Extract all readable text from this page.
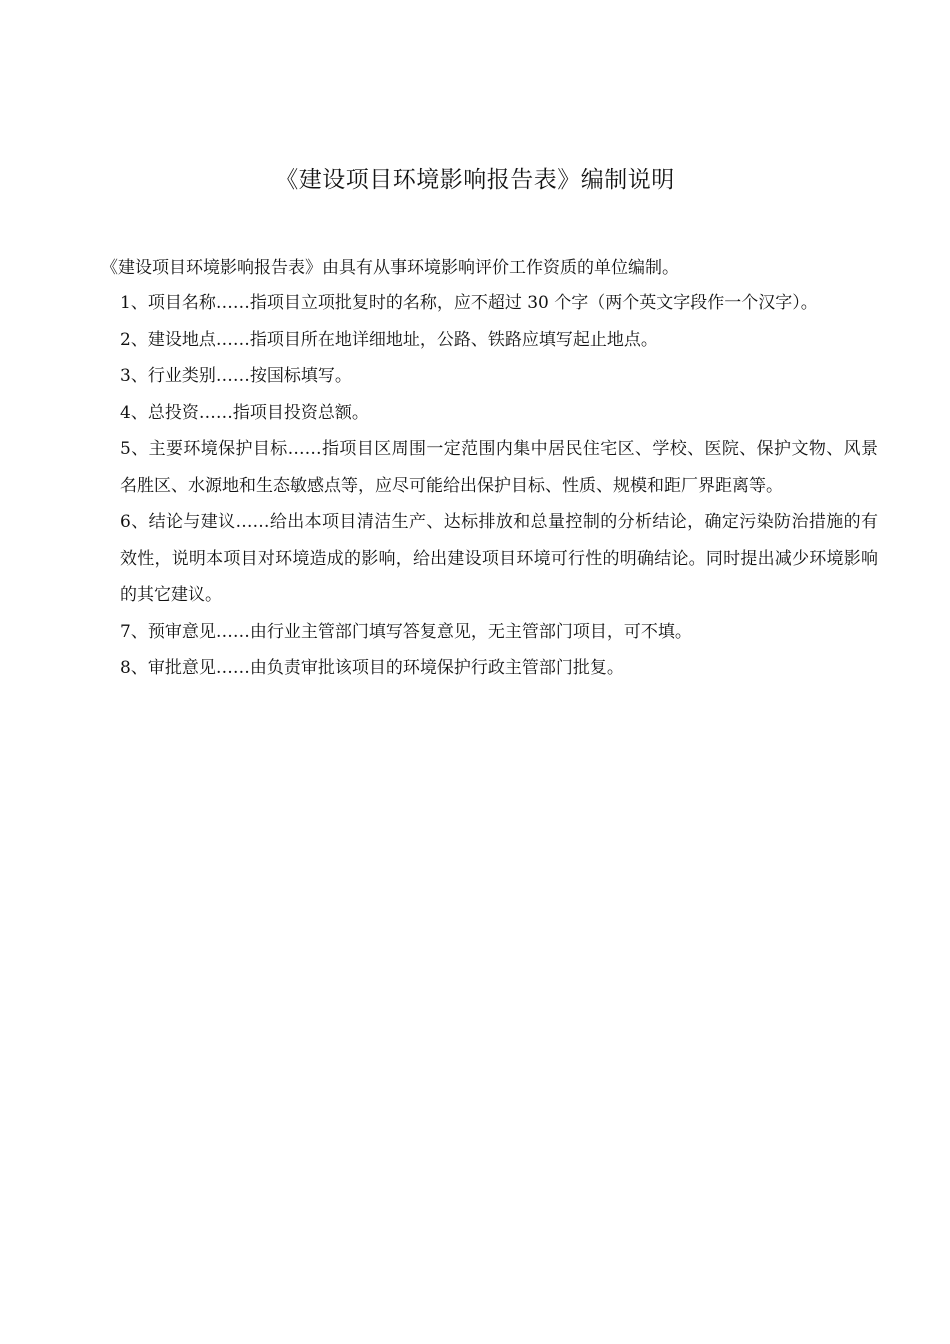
《建设项目环境影响报告表》编制说明
《建设项目环境影响报告表》由具有从事环境影响评价工作资质的单位编制。

1、项目名称……指项目立项批复时的名称，应不超过 30 个字（两个英文字段作一个汉字）。

2、建设地点……指项目所在地详细地址，公路、铁路应填写起止地点。

3、行业类别……按国标填写。

4、总投资……指项目投资总额。

5、主要环境保护目标……指项目区周围一定范围内集中居民住宅区、学校、医院、保护文物、风景名胜区、水源地和生态敏感点等，应尽可能给出保护目标、性质、规模和距厂界距离等。

6、结论与建议……给出本项目清洁生产、达标排放和总量控制的分析结论，确定污染防治措施的有效性，说明本项目对环境造成的影响，给出建设项目环境可行性的明确结论。同时提出减少环境影响的其它建议。

7、预审意见……由行业主管部门填写答复意见，无主管部门项目，可不填。

8、审批意见……由负责审批该项目的环境保护行政主管部门批复。
